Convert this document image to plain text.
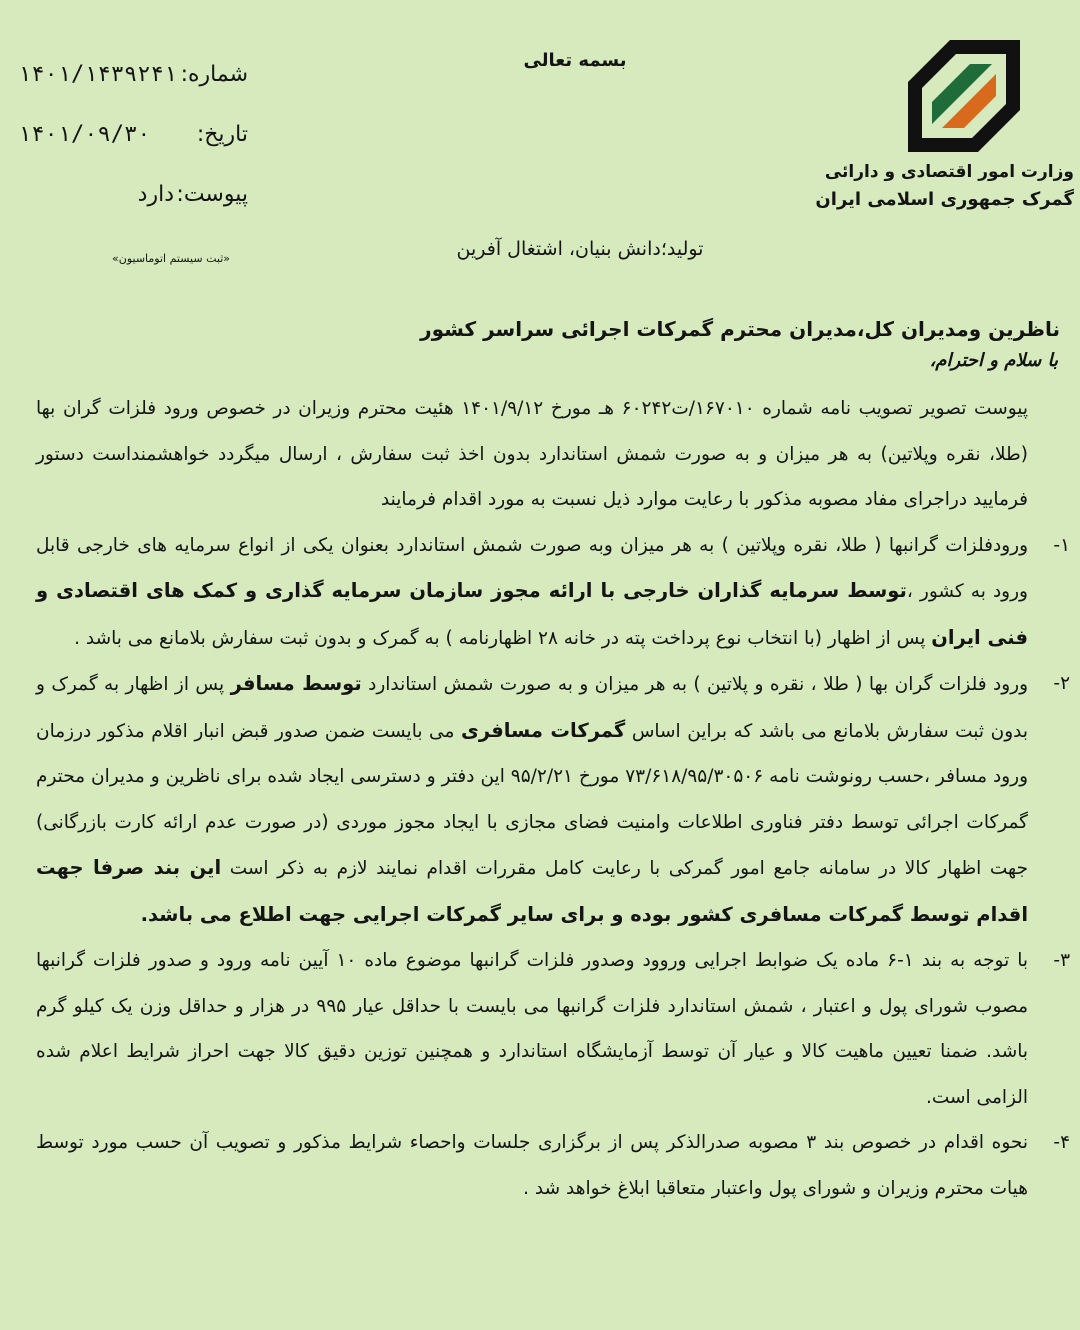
وزارت امور اقتصادی و دارائی
گمرک جمهوری اسلامی ایران
بسمه تعالی
شماره:
۱۴۰۱/۱۴۳۹۲۴۱
تاریخ:
۱۴۰۱/۰۹/۳۰
پیوست:
دارد
«ثبت سیستم اتوماسیون»	تولید؛دانش بنیان، اشتغال آفرین
ناظرین ومدیران کل،مدیران محترم گمرکات اجرائی سراسر کشور
با سلام و احترام،

پیوست تصویر تصویب نامه شماره ۱۶۷۰۱۰/ت۶۰۲۴۲ هـ مورخ ۱۴۰۱/۹/۱۲ هئیت محترم وزیران در خصوص ورود فلزات گران بها (طلا، نقره وپلاتین) به هر میزان و به صورت شمش استاندارد بدون اخذ ثبت سفارش ، ارسال میگردد خواهشمنداست دستور فرمایید دراجرای مفاد مصوبه مذکور با رعایت موارد ذیل نسبت به مورد اقدام فرمایند

۱-
ورودفلزات گرانبها ( طلا، نقره وپلاتین ) به هر میزان وبه صورت شمش استاندارد بعنوان یکی از انواع سرمایه های خارجی قابل ورود به کشور ،توسط سرمایه گذاران خارجی با ارائه مجوز سازمان سرمایه گذاری و کمک های اقتصادی و فنی ایران پس از اظهار (با انتخاب نوع پرداخت پته در خانه ۲۸ اظهارنامه ) به گمرک و بدون ثبت سفارش بلامانع می باشد .

۲-
ورود فلزات گران بها ( طلا ، نقره و پلاتین ) به هر میزان و به صورت شمش استاندارد توسط مسافر پس از اظهار به گمرک و بدون ثبت سفارش بلامانع می باشد که براین اساس گمرکات مسافری می بایست ضمن صدور قبض انبار اقلام مذکور درزمان ورود مسافر ،حسب رونوشت نامه ۷۳/۶۱۸/۹۵/۳۰۵۰۶ مورخ ۹۵/۲/۲۱ این دفتر و دسترسی ایجاد شده برای ناظرین و مدیران محترم گمرکات اجرائی توسط دفتر فناوری اطلاعات وامنیت فضای مجازی با ایجاد مجوز موردی (در صورت عدم ارائه کارت بازرگانی) جهت اظهار کالا در سامانه جامع امور گمرکی با رعایت کامل مقررات اقدام نمایند لازم به ذکر است این بند صرفا جهت اقدام توسط گمرکات مسافری کشور بوده و برای سایر گمرکات اجرایی جهت اطلاع می باشد.

۳-
با توجه به بند ۱-۶ ماده یک ضوابط اجرایی وروود وصدور فلزات گرانبها موضوع ماده ۱۰ آیین نامه ورود و صدور فلزات گرانبها مصوب شورای پول و اعتبار ، شمش استاندارد فلزات گرانبها می بایست با حداقل عیار ۹۹۵ در هزار و حداقل وزن یک کیلو گرم باشد. ضمنا تعیین ماهیت کالا و عیار آن توسط آزمایشگاه استاندارد و همچنین توزین دقیق کالا جهت احراز شرایط اعلام شده الزامی است.

۴-
نحوه اقدام در خصوص بند ۳ مصوبه صدرالذکر پس از برگزاری جلسات واحصاء شرایط مذکور و تصویب آن حسب مورد توسط هیات محترم وزیران و شورای پول واعتبار متعاقبا ابلاغ خواهد شد .
